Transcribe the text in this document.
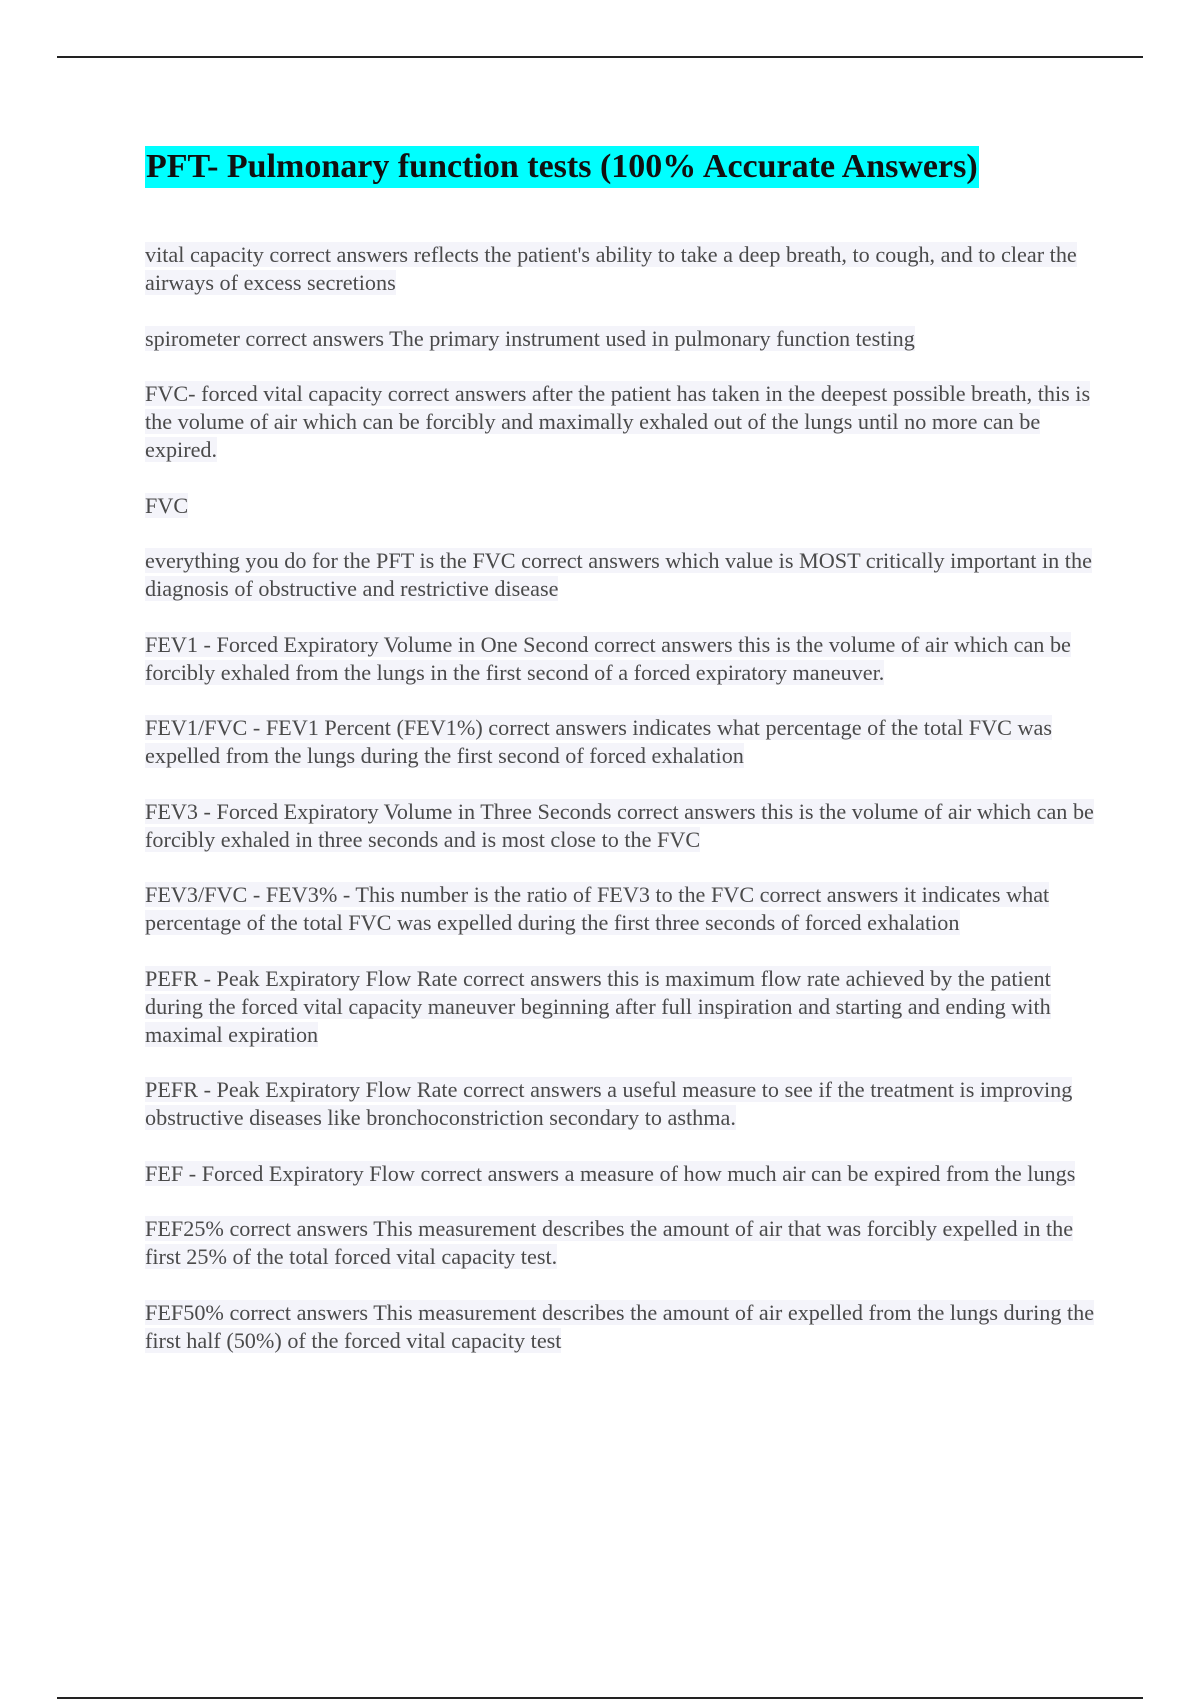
PFT- Pulmonary function tests (100% Accurate Answers)

vital capacity correct answers reflects the patient's ability to take a deep breath, to cough, and to clear the airways of excess secretions

spirometer correct answers The primary instrument used in pulmonary function testing

FVC- forced vital capacity correct answers after the patient has taken in the deepest possible breath, this is the volume of air which can be forcibly and maximally exhaled out of the lungs until no more can be expired.

FVC

everything you do for the PFT is the FVC correct answers which value is MOST critically important in the diagnosis of obstructive and restrictive disease

FEV1 - Forced Expiratory Volume in One Second correct answers this is the volume of air which can be forcibly exhaled from the lungs in the first second of a forced expiratory maneuver.

FEV1/FVC - FEV1 Percent (FEV1%) correct answers indicates what percentage of the total FVC was expelled from the lungs during the first second of forced exhalation

FEV3 - Forced Expiratory Volume in Three Seconds correct answers this is the volume of air which can be forcibly exhaled in three seconds and is most close to the FVC

FEV3/FVC - FEV3% - This number is the ratio of FEV3 to the FVC correct answers it indicates what percentage of the total FVC was expelled during the first three seconds of forced exhalation

PEFR - Peak Expiratory Flow Rate correct answers this is maximum flow rate achieved by the patient during the forced vital capacity maneuver beginning after full inspiration and starting and ending with maximal expiration

PEFR - Peak Expiratory Flow Rate correct answers a useful measure to see if the treatment is improving obstructive diseases like bronchoconstriction secondary to asthma.

FEF - Forced Expiratory Flow correct answers a measure of how much air can be expired from the lungs

FEF25% correct answers This measurement describes the amount of air that was forcibly expelled in the first 25% of the total forced vital capacity test.

FEF50% correct answers This measurement describes the amount of air expelled from the lungs during the first half (50%) of the forced vital capacity test
